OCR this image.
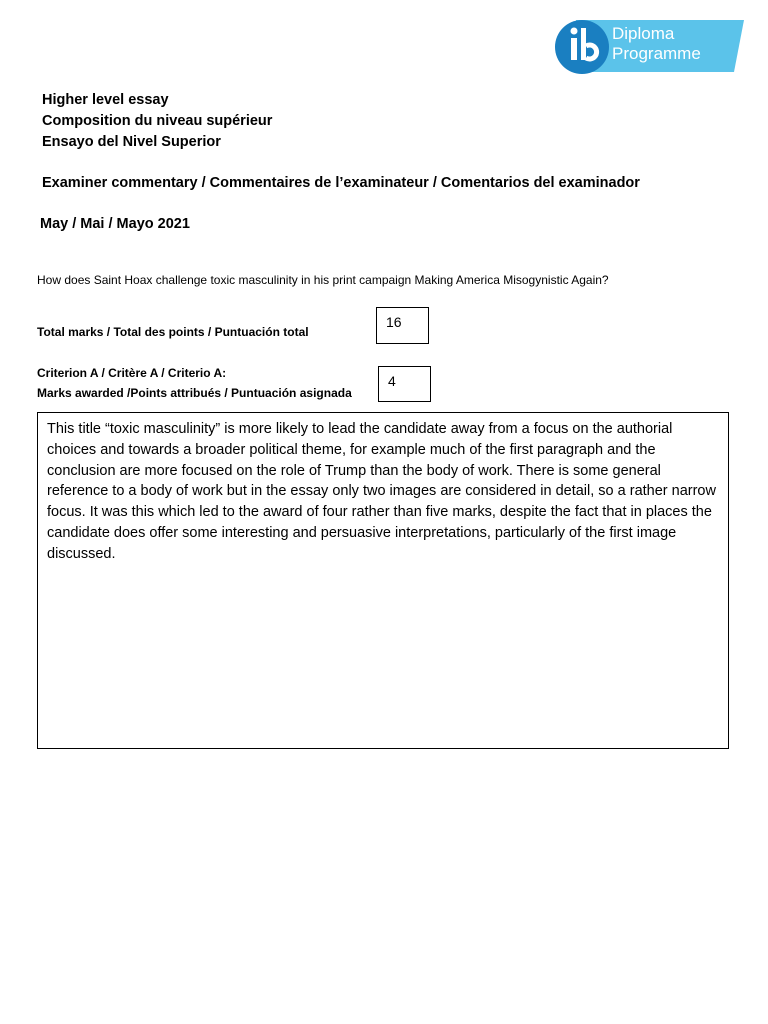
Diploma
Programme
Higher level essay
Composition du niveau supérieur
Ensayo del Nivel Superior
Examiner commentary / Commentaires de l’examinateur / Comentarios del examinador
May / Mai / Mayo 2021
How does Saint Hoax challenge toxic masculinity in his print campaign Making America Misogynistic Again?
Total marks / Total des points / Puntuación total
16
Criterion A / Critère A / Criterio A:
Marks awarded /Points attribués / Puntuación asignada
4
This title “toxic masculinity” is more likely to lead the candidate away from a focus on the authorial choices and towards a broader political theme, for example much of the first paragraph and the conclusion are more focused on the role of Trump than the body of work. There is some general reference to a body of work but in the essay only two images are considered in detail, so a rather narrow focus. It was this which led to the award of four rather than five marks, despite the fact that in places the candidate does offer some interesting and persuasive interpretations, particularly of the first image discussed.
